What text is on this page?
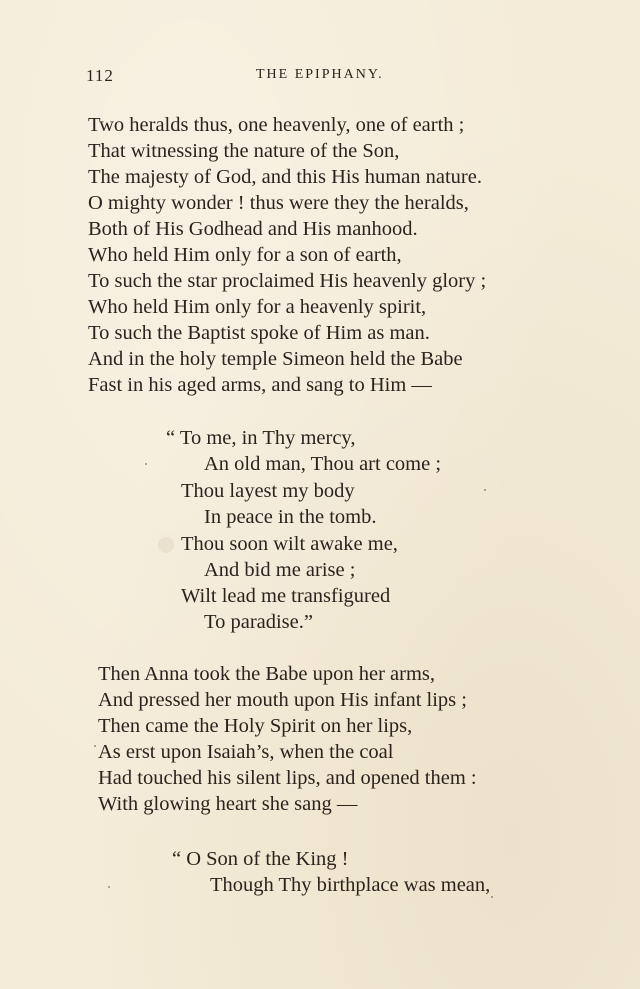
112	THE EPIPHANY.
Two heralds thus, one heavenly, one of earth ;
That witnessing the nature of the Son,
The majesty of God, and this His human nature.
O mighty wonder ! thus were they the heralds,
Both of His Godhead and His manhood.
Who held Him only for a son of earth,
To such the star proclaimed His heavenly glory ;
Who held Him only for a heavenly spirit,
To such the Baptist spoke of Him as man.
And in the holy temple Simeon held the Babe
Fast in his aged arms, and sang to Him —
“ To me, in Thy mercy,
An old man, Thou art come ;
Thou layest my body
In peace in the tomb.
Thou soon wilt awake me,
And bid me arise ;
Wilt lead me transfigured
To paradise.”
Then Anna took the Babe upon her arms,
And pressed her mouth upon His infant lips ;
Then came the Holy Spirit on her lips,
As erst upon Isaiah’s, when the coal
Had touched his silent lips, and opened them :
With glowing heart she sang —
“ O Son of the King !
Though Thy birthplace was mean,
